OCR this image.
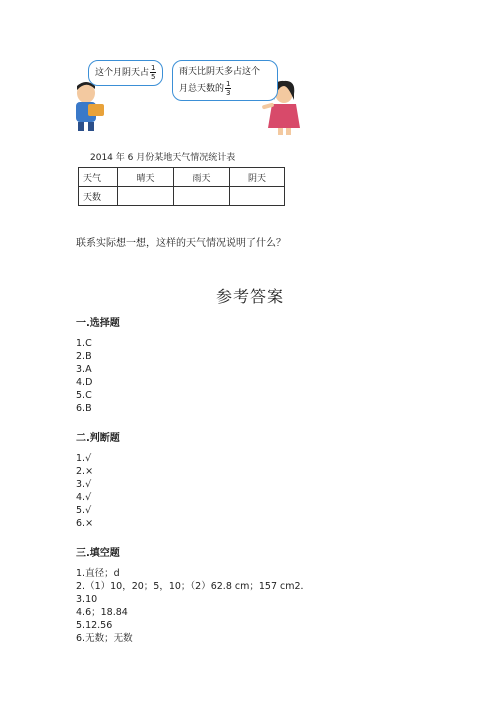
这个月阴天占 $\frac{1}{5}$	雨天比阴天多占这个
月总天数的 $\frac{1}{3}$
2014 年 6 月份某地天气情况统计表
天气	晴天	雨天	阴天
天数			
联系实际想一想，这样的天气情况说明了什么？
参考答案
一.选择题
1.C
2.B
3.A
4.D
5.C
6.B
二.判断题
1.√
2.×
3.√
4.√
5.√
6.×
三.填空题
1.直径；d
2.（1）10，20；5，10；（2）62.8 cm；157 cm2．
3.10
4.6；18.84
5.12.56
6.无数；无数
